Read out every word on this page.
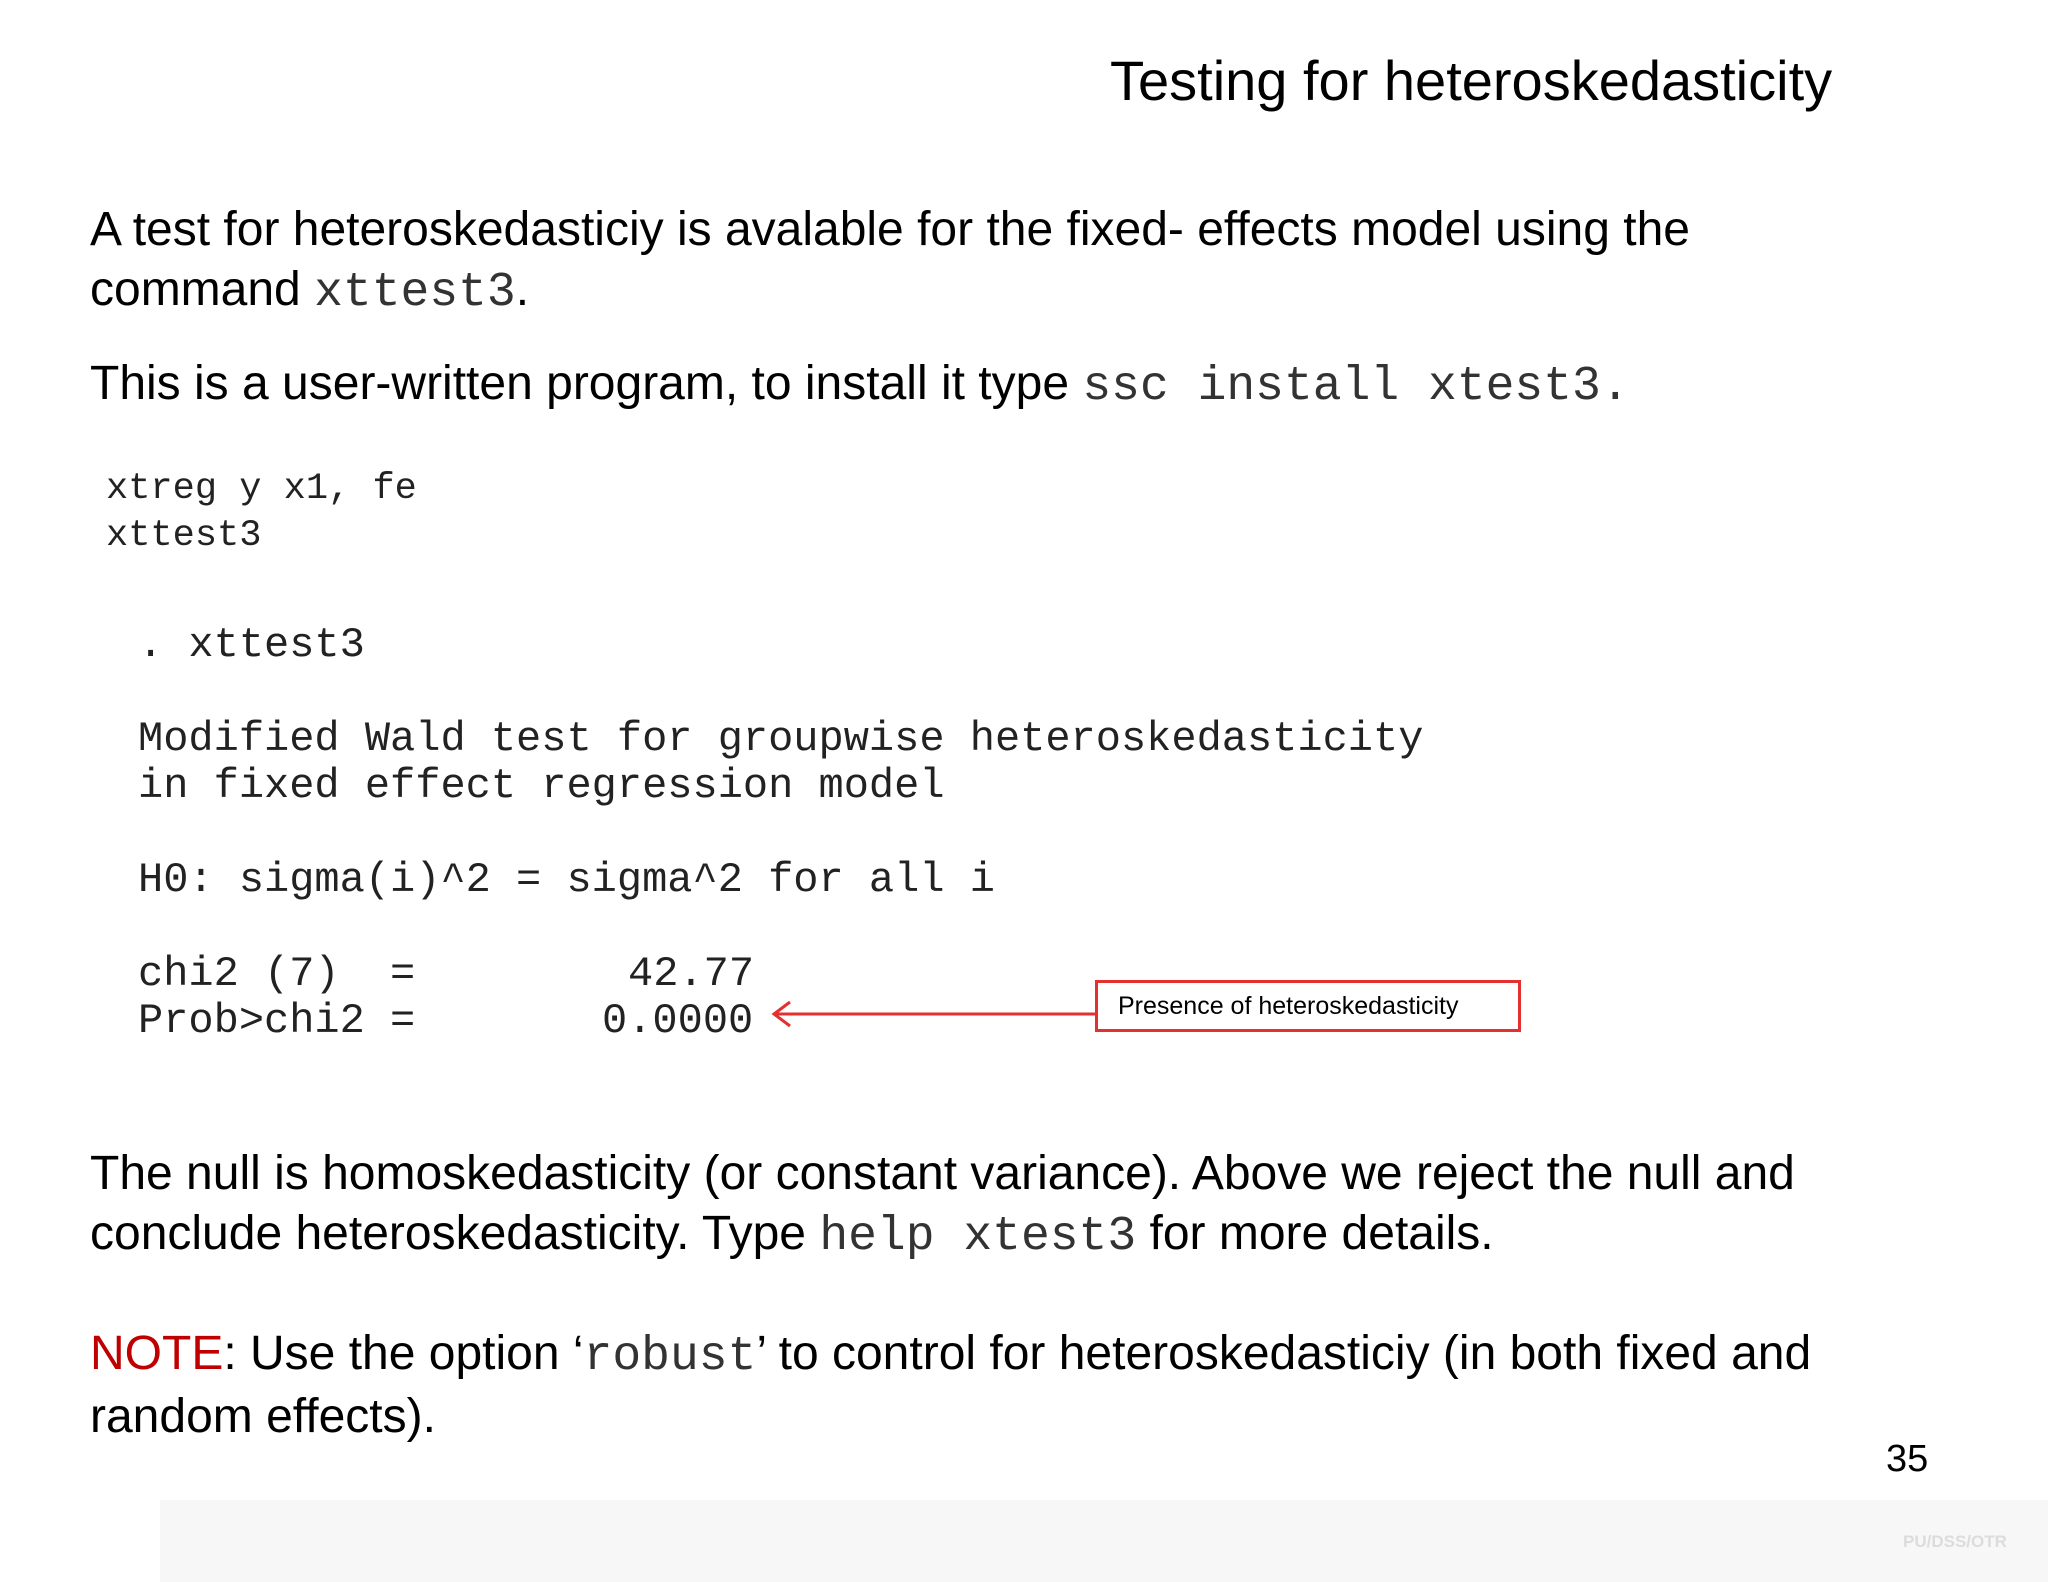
Testing for heteroskedasticity
A test for heteroskedasticiy is avalable for the fixed- effects model using the
command xttest3.
This is a user-written program, to install it type ssc install xtest3.
xtreg y x1, fe
xttest3
. xttest3
Modified Wald test for groupwise heteroskedasticity
in fixed effect regression model
H0: sigma(i)^2 = sigma^2 for all i
chi2 (7)  =	42.77
Prob>chi2 =	0.0000	Presence of heteroskedasticity
The null is homoskedasticity (or constant variance). Above we reject the null and
conclude heteroskedasticity. Type help xtest3 for more details.
NOTE: Use the option ‘robust’ to control for heteroskedasticiy (in both fixed and
random effects).
35
PU/DSS/OTR
